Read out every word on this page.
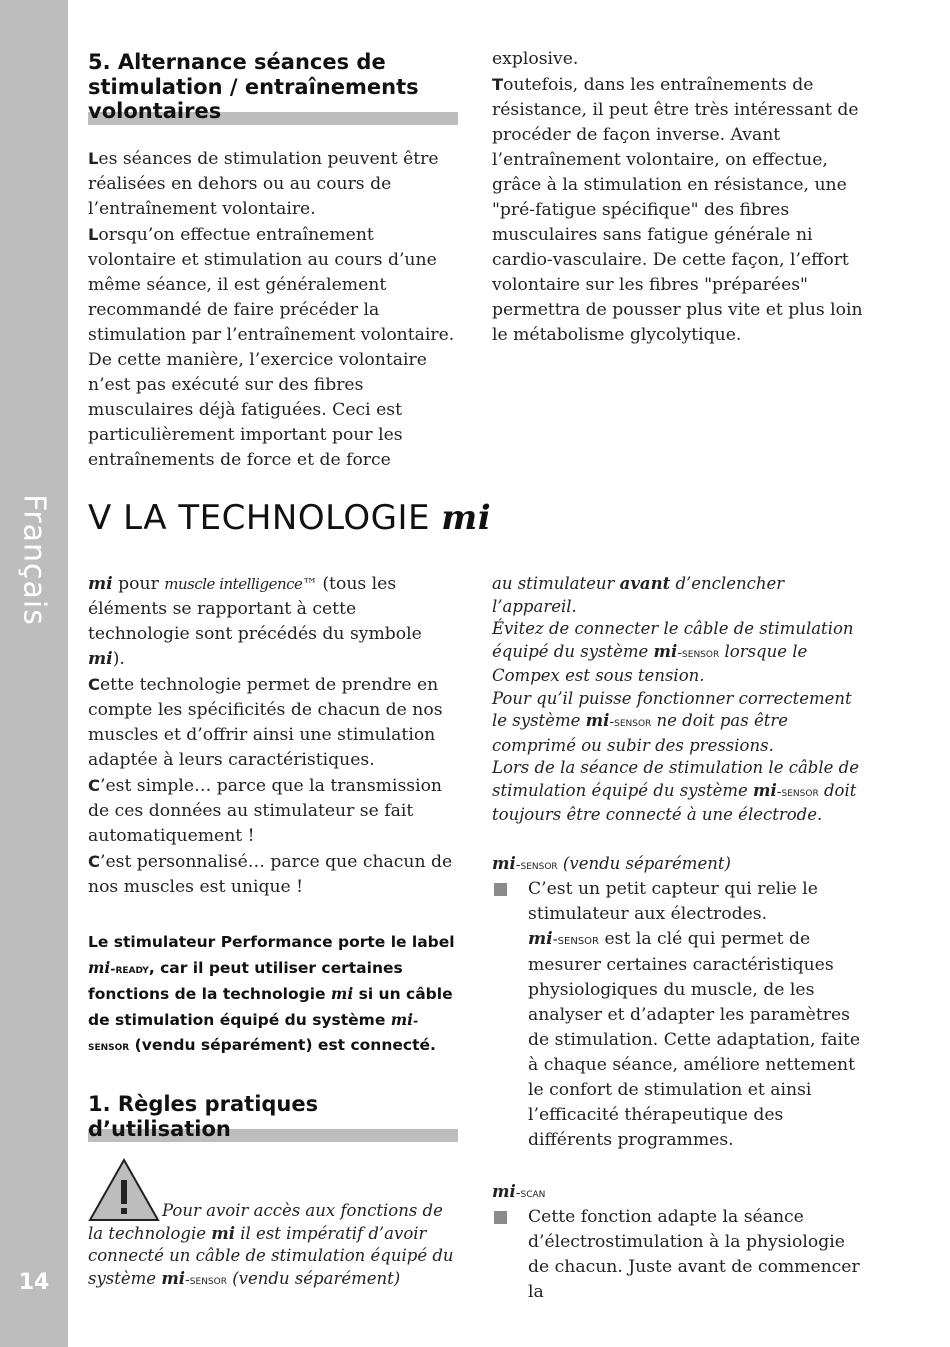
Français
14
5. Alternance séances de stimulation / entraînements volontaires

Les séances de stimulation peuvent être réalisées en dehors ou au cours de l’entraînement volontaire.

Lorsqu’on effectue entraînement volontaire et stimulation au cours d’une même séance, il est généralement recommandé de faire précéder la stimulation par l’entraînement volontaire. De cette manière, l’exercice volontaire n’est pas exécuté sur des fibres musculaires déjà fatiguées. Ceci est particulièrement important pour les entraînements de force et de force

explosive.

Toutefois, dans les entraînements de résistance, il peut être très intéressant de procéder de façon inverse. Avant l’entraînement volontaire, on effectue, grâce à la stimulation en résistance, une "pré-fatigue spécifique" des fibres musculaires sans fatigue générale ni cardio-vasculaire. De cette façon, l’effort volontaire sur les fibres "préparées" permettra de pousser plus vite et plus loin le métabolisme glycolytique.

V LA TECHNOLOGIE mi

mi pour muscle intelligence™ (tous les éléments se rapportant à cette technologie sont précédés du symbole mi).

Cette technologie permet de prendre en compte les spécificités de chacun de nos muscles et d’offrir ainsi une stimulation adaptée à leurs caractéristiques.

C’est simple… parce que la transmission de ces données au stimulateur se fait automatiquement !

C’est personnalisé… parce que chacun de nos muscles est unique !

Le stimulateur Performance porte le label mi-ready, car il peut utiliser certaines fonctions de la technologie mi si un câble de stimulation équipé du système mi-sensor (vendu séparément) est connecté.

1. Règles pratiques d’utilisation
Pour avoir accès aux fonctions de la technologie mi il est impératif d’avoir connecté un câble de stimulation équipé du système mi-sensor (vendu séparément)
au stimulateur avant d’enclencher l’appareil.
Évitez de connecter le câble de stimulation équipé du système mi-sensor lorsque le Compex est sous tension.
Pour qu’il puisse fonctionner correctement le système mi-sensor ne doit pas être comprimé ou subir des pressions.
Lors de la séance de stimulation le câble de stimulation équipé du système mi-sensor doit toujours être connecté à une électrode.
mi-sensor (vendu séparément)

C’est un petit capteur qui relie le stimulateur aux électrodes.

mi-sensor est la clé qui permet de mesurer certaines caractéristiques physiologiques du muscle, de les analyser et d’adapter les paramètres de stimulation. Cette adaptation, faite à chaque séance, améliore nettement le confort de stimulation et ainsi l’efficacité thérapeutique des différents programmes.

mi-scan

Cette fonction adapte la séance d’électrostimulation à la physiologie de chacun. Juste avant de commencer la
